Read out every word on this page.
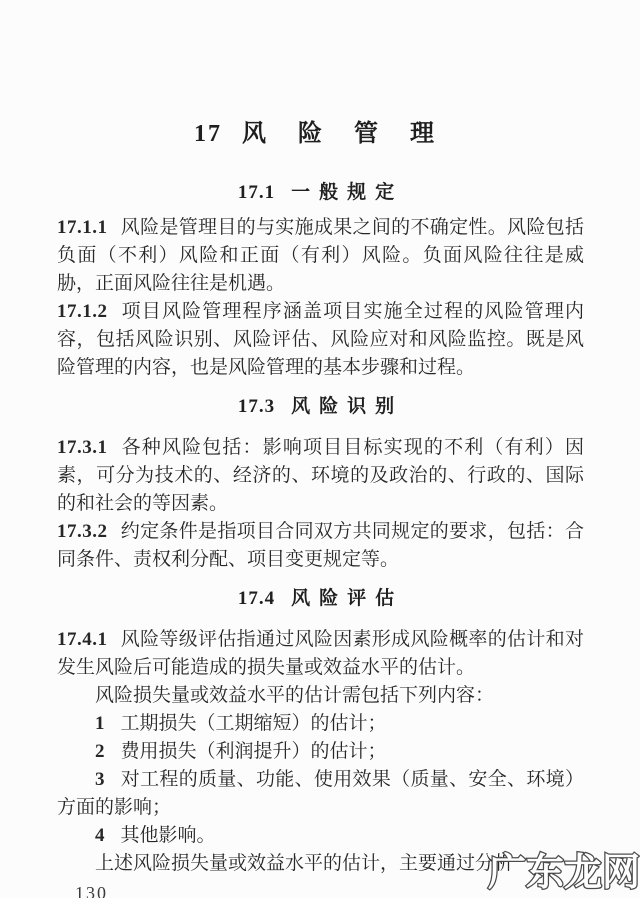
17 风 险 管 理
17.1 一般规定

17.1.1 风险是管理目的与实施成果之间的不确定性。风险包括负面（不利）风险和正面（有利）风险。负面风险往往是威胁，正面风险往往是机遇。

17.1.2 项目风险管理程序涵盖项目实施全过程的风险管理内容，包括风险识别、风险评估、风险应对和风险监控。既是风险管理的内容，也是风险管理的基本步骤和过程。

17.3 风险识别

17.3.1 各种风险包括：影响项目目标实现的不利（有利）因素，可分为技术的、经济的、环境的及政治的、行政的、国际的和社会的等因素。

17.3.2 约定条件是指项目合同双方共同规定的要求，包括：合同条件、责权利分配、项目变更规定等。

17.4 风险评估

17.4.1 风险等级评估指通过风险因素形成风险概率的估计和对发生风险后可能造成的损失量或效益水平的估计。

风险损失量或效益水平的估计需包括下列内容：

1 工期损失（工期缩短）的估计；

2 费用损失（利润提升）的估计；

3 对工程的质量、功能、使用效果（质量、安全、环境）方面的影响；

4 其他影响。

上述风险损失量或效益水平的估计，主要通过分析

130	广东龙网
